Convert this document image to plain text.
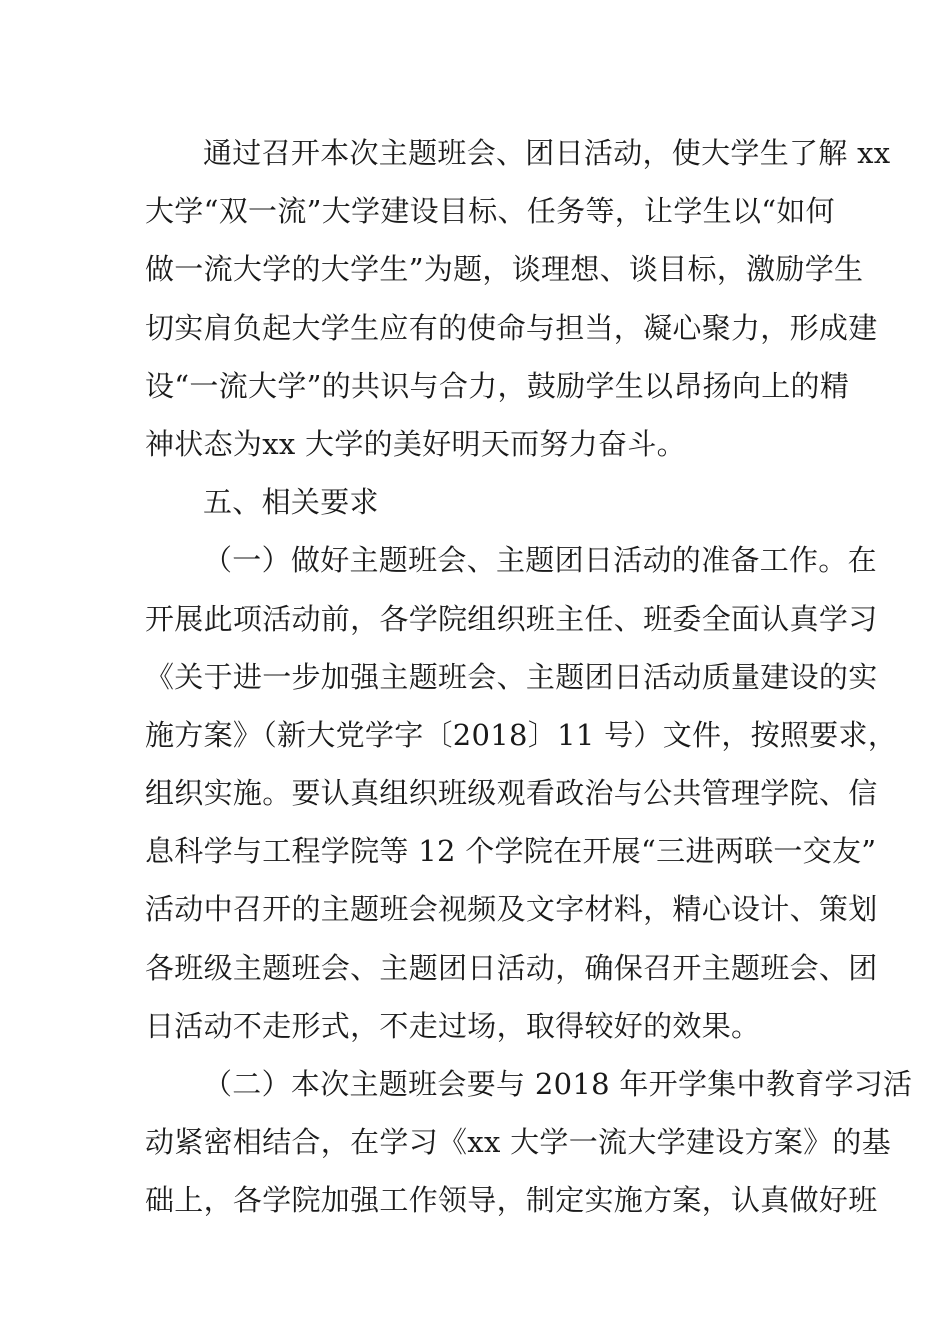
通过召开本次主题班会、团日活动，使大学生了解 xx
大学“双一流”大学建设目标、任务等，让学生以“如何
做一流大学的大学生”为题，谈理想、谈目标，激励学生
切实肩负起大学生应有的使命与担当，凝心聚力，形成建
设“一流大学”的共识与合力，鼓励学生以昂扬向上的精
神状态为xx 大学的美好明天而努力奋斗。
五、相关要求
（一）做好主题班会、主题团日活动的准备工作。在
开展此项活动前，各学院组织班主任、班委全面认真学习
《关于进一步加强主题班会、主题团日活动质量建设的实
施方案》（新大党学字〔2018〕11 号）文件，按照要求，
组织实施。要认真组织班级观看政治与公共管理学院、信
息科学与工程学院等 12 个学院在开展“三进两联一交友”
活动中召开的主题班会视频及文字材料，精心设计、策划
各班级主题班会、主题团日活动，确保召开主题班会、团
日活动不走形式，不走过场，取得较好的效果。
（二）本次主题班会要与 2018 年开学集中教育学习活
动紧密相结合，在学习《xx 大学一流大学建设方案》的基
础上，各学院加强工作领导，制定实施方案，认真做好班
